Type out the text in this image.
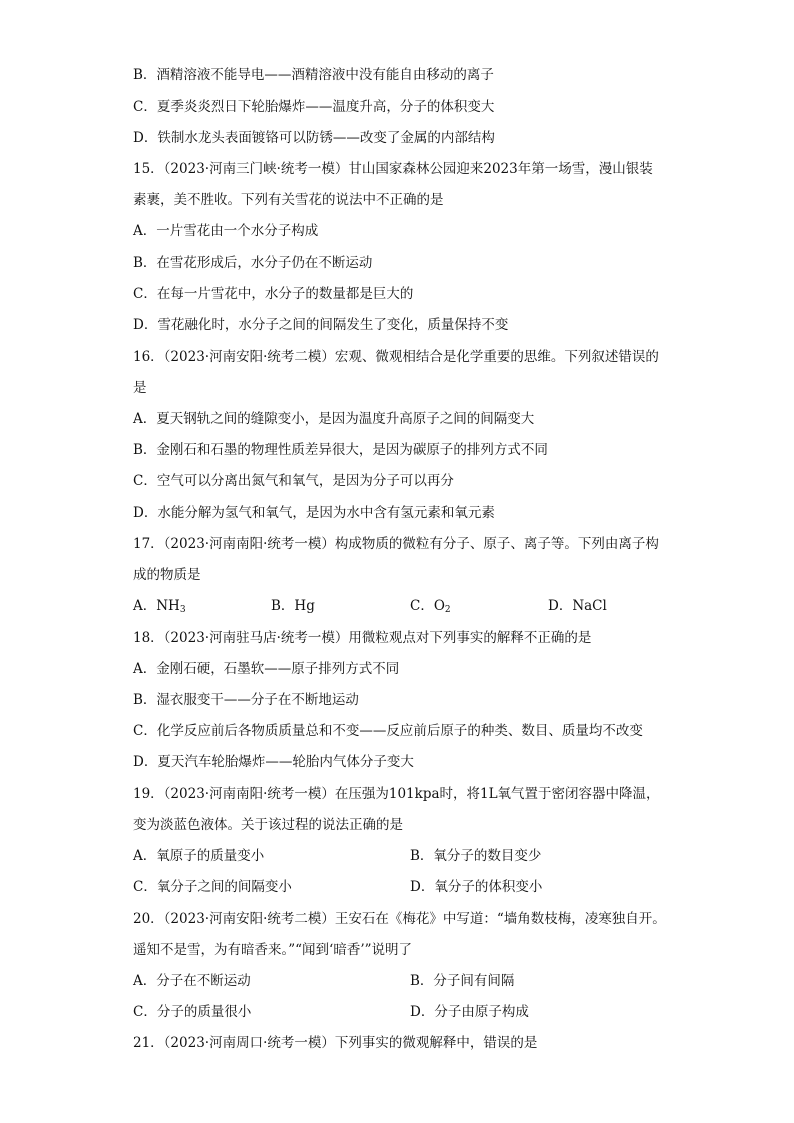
B．酒精溶液不能导电——酒精溶液中没有能自由移动的离子
C．夏季炎炎烈日下轮胎爆炸——温度升高，分子的体积变大
D．铁制水龙头表面镀铬可以防锈——改变了金属的内部结构
15．（2023·河南三门峡·统考一模）甘山国家森林公园迎来2023年第一场雪，漫山银装
素裹，美不胜收。下列有关雪花的说法中不正确的是
A．一片雪花由一个水分子构成
B．在雪花形成后，水分子仍在不断运动
C．在每一片雪花中，水分子的数量都是巨大的
D．雪花融化时，水分子之间的间隔发生了变化，质量保持不变
16．（2023·河南安阳·统考二模）宏观、微观相结合是化学重要的思维。下列叙述错误的
是
A．夏天钢轨之间的缝隙变小，是因为温度升高原子之间的间隔变大
B．金刚石和石墨的物理性质差异很大，是因为碳原子的排列方式不同
C．空气可以分离出氮气和氧气，是因为分子可以再分
D．水能分解为氢气和氧气，是因为水中含有氢元素和氧元素
17．（2023·河南南阳·统考一模）构成物质的微粒有分子、原子、离子等。下列由离子构
成的物质是
A．$NH_3$	B．Hg	C．$O_2$	D．NaCl
18．（2023·河南驻马店·统考一模）用微粒观点对下列事实的解释不正确的是
A．金刚石硬，石墨软——原子排列方式不同
B．湿衣服变干——分子在不断地运动
C．化学反应前后各物质质量总和不变——反应前后原子的种类、数目、质量均不改变
D．夏天汽车轮胎爆炸——轮胎内气体分子变大
19．（2023·河南南阳·统考一模）在压强为101kpa时，将1L氧气置于密闭容器中降温，
变为淡蓝色液体。关于该过程的说法正确的是
A．氧原子的质量变小	B．氧分子的数目变少
C．氧分子之间的间隔变小	D．氧分子的体积变小
20．（2023·河南安阳·统考二模）王安石在《梅花》中写道：“墙角数枝梅，凌寒独自开。
遥知不是雪，为有暗香来。”“闻到‘暗香’”说明了
A．分子在不断运动	B．分子间有间隔
C．分子的质量很小	D．分子由原子构成
21．（2023·河南周口·统考一模）下列事实的微观解释中，错误的是
